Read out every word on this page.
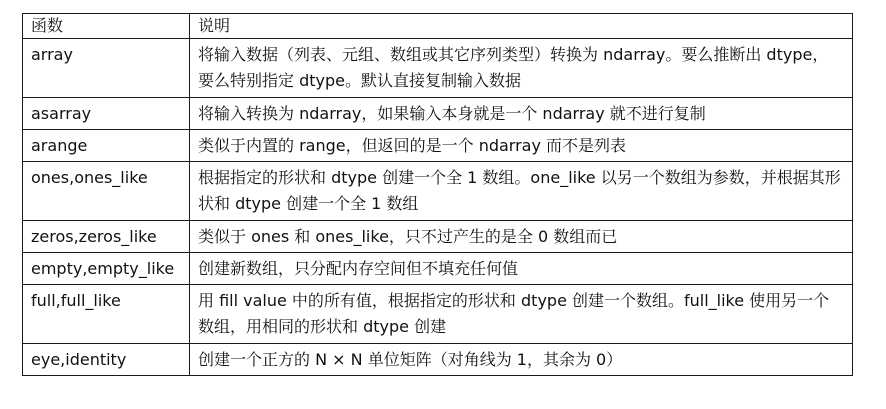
函数	说明
array	将输入数据（列表、元组、数组或其它序列类型）转换为 ndarray。要么推断出 dtype，要么特别指定 dtype。默认直接复制输入数据
asarray	将输入转换为 ndarray，如果输入本身就是一个 ndarray 就不进行复制
arange	类似于内置的 range，但返回的是一个 ndarray 而不是列表
ones,ones_like	根据指定的形状和 dtype 创建一个全 1 数组。one_like 以另一个数组为参数，并根据其形状和 dtype 创建一个全 1 数组
zeros,zeros_like	类似于 ones 和 ones_like，只不过产生的是全 0 数组而已
empty,empty_like	创建新数组，只分配内存空间但不填充任何值
full,full_like	用 fill value 中的所有值，根据指定的形状和 dtype 创建一个数组。full_like 使用另一个数组，用相同的形状和 dtype 创建
eye,identity	创建一个正方的 N × N 单位矩阵（对角线为 1，其余为 0）
